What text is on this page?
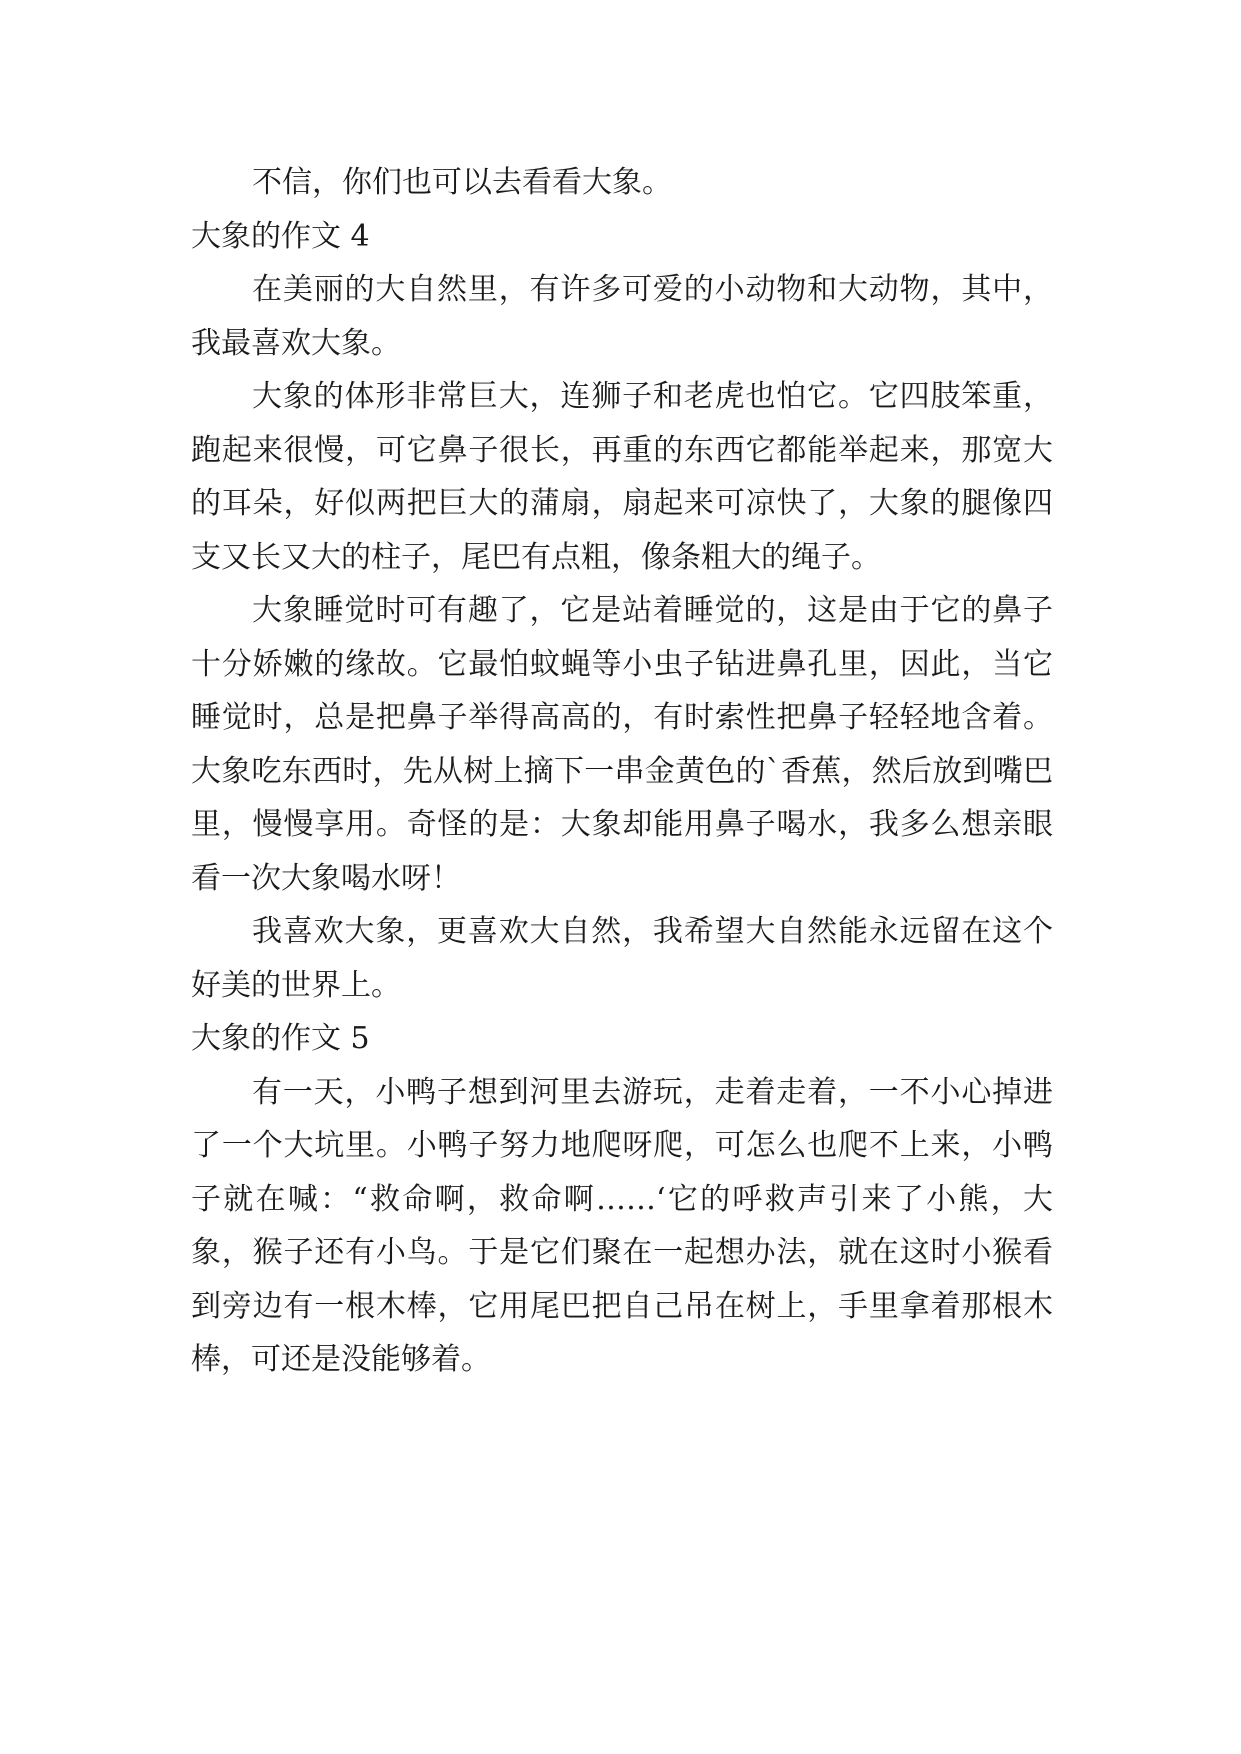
不信，你们也可以去看看大象。

大象的作文 4

在美丽的大自然里，有许多可爱的小动物和大动物，其中，我最喜欢大象。

大象的体形非常巨大，连狮子和老虎也怕它。它四肢笨重，跑起来很慢，可它鼻子很长，再重的东西它都能举起来，那宽大的耳朵，好似两把巨大的蒲扇，扇起来可凉快了，大象的腿像四支又长又大的柱子，尾巴有点粗，像条粗大的绳子。

大象睡觉时可有趣了，它是站着睡觉的，这是由于它的鼻子十分娇嫩的缘故。它最怕蚊蝇等小虫子钻进鼻孔里，因此，当它睡觉时，总是把鼻子举得高高的，有时索性把鼻子轻轻地含着。大象吃东西时，先从树上摘下一串金黄色的`香蕉，然后放到嘴巴里，慢慢享用。奇怪的是：大象却能用鼻子喝水，我多么想亲眼看一次大象喝水呀！

我喜欢大象，更喜欢大自然，我希望大自然能永远留在这个好美的世界上。

大象的作文 5

有一天，小鸭子想到河里去游玩，走着走着，一不小心掉进了一个大坑里。小鸭子努力地爬呀爬，可怎么也爬不上来，小鸭子就在喊：“救命啊，救命啊……‘它的呼救声引来了小熊，大象，猴子还有小鸟。于是它们聚在一起想办法，就在这时小猴看到旁边有一根木棒，它用尾巴把自己吊在树上，手里拿着那根木棒，可还是没能够着。
